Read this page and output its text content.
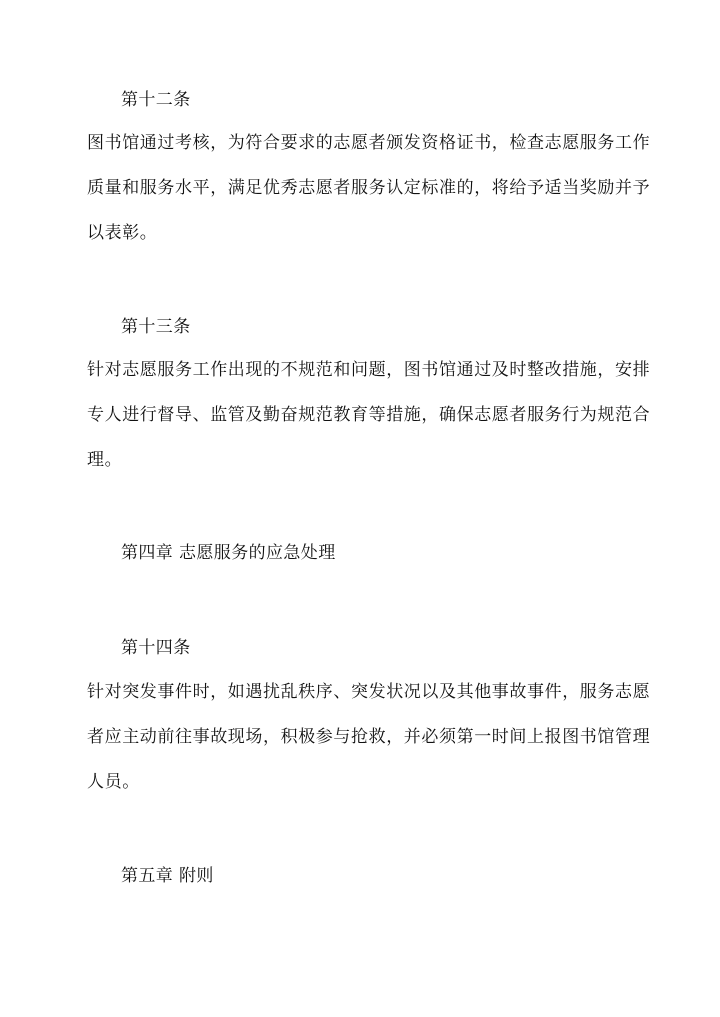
第十二条
图书馆通过考核，为符合要求的志愿者颁发资格证书，检查志愿服务工作
质量和服务水平，满足优秀志愿者服务认定标准的，将给予适当奖励并予
以表彰。
第十三条
针对志愿服务工作出现的不规范和问题，图书馆通过及时整改措施，安排
专人进行督导、监管及勤奋规范教育等措施，确保志愿者服务行为规范合
理。
第四章 志愿服务的应急处理
第十四条
针对突发事件时，如遇扰乱秩序、突发状况以及其他事故事件，服务志愿
者应主动前往事故现场，积极参与抢救，并必须第一时间上报图书馆管理
人员。
第五章 附则
